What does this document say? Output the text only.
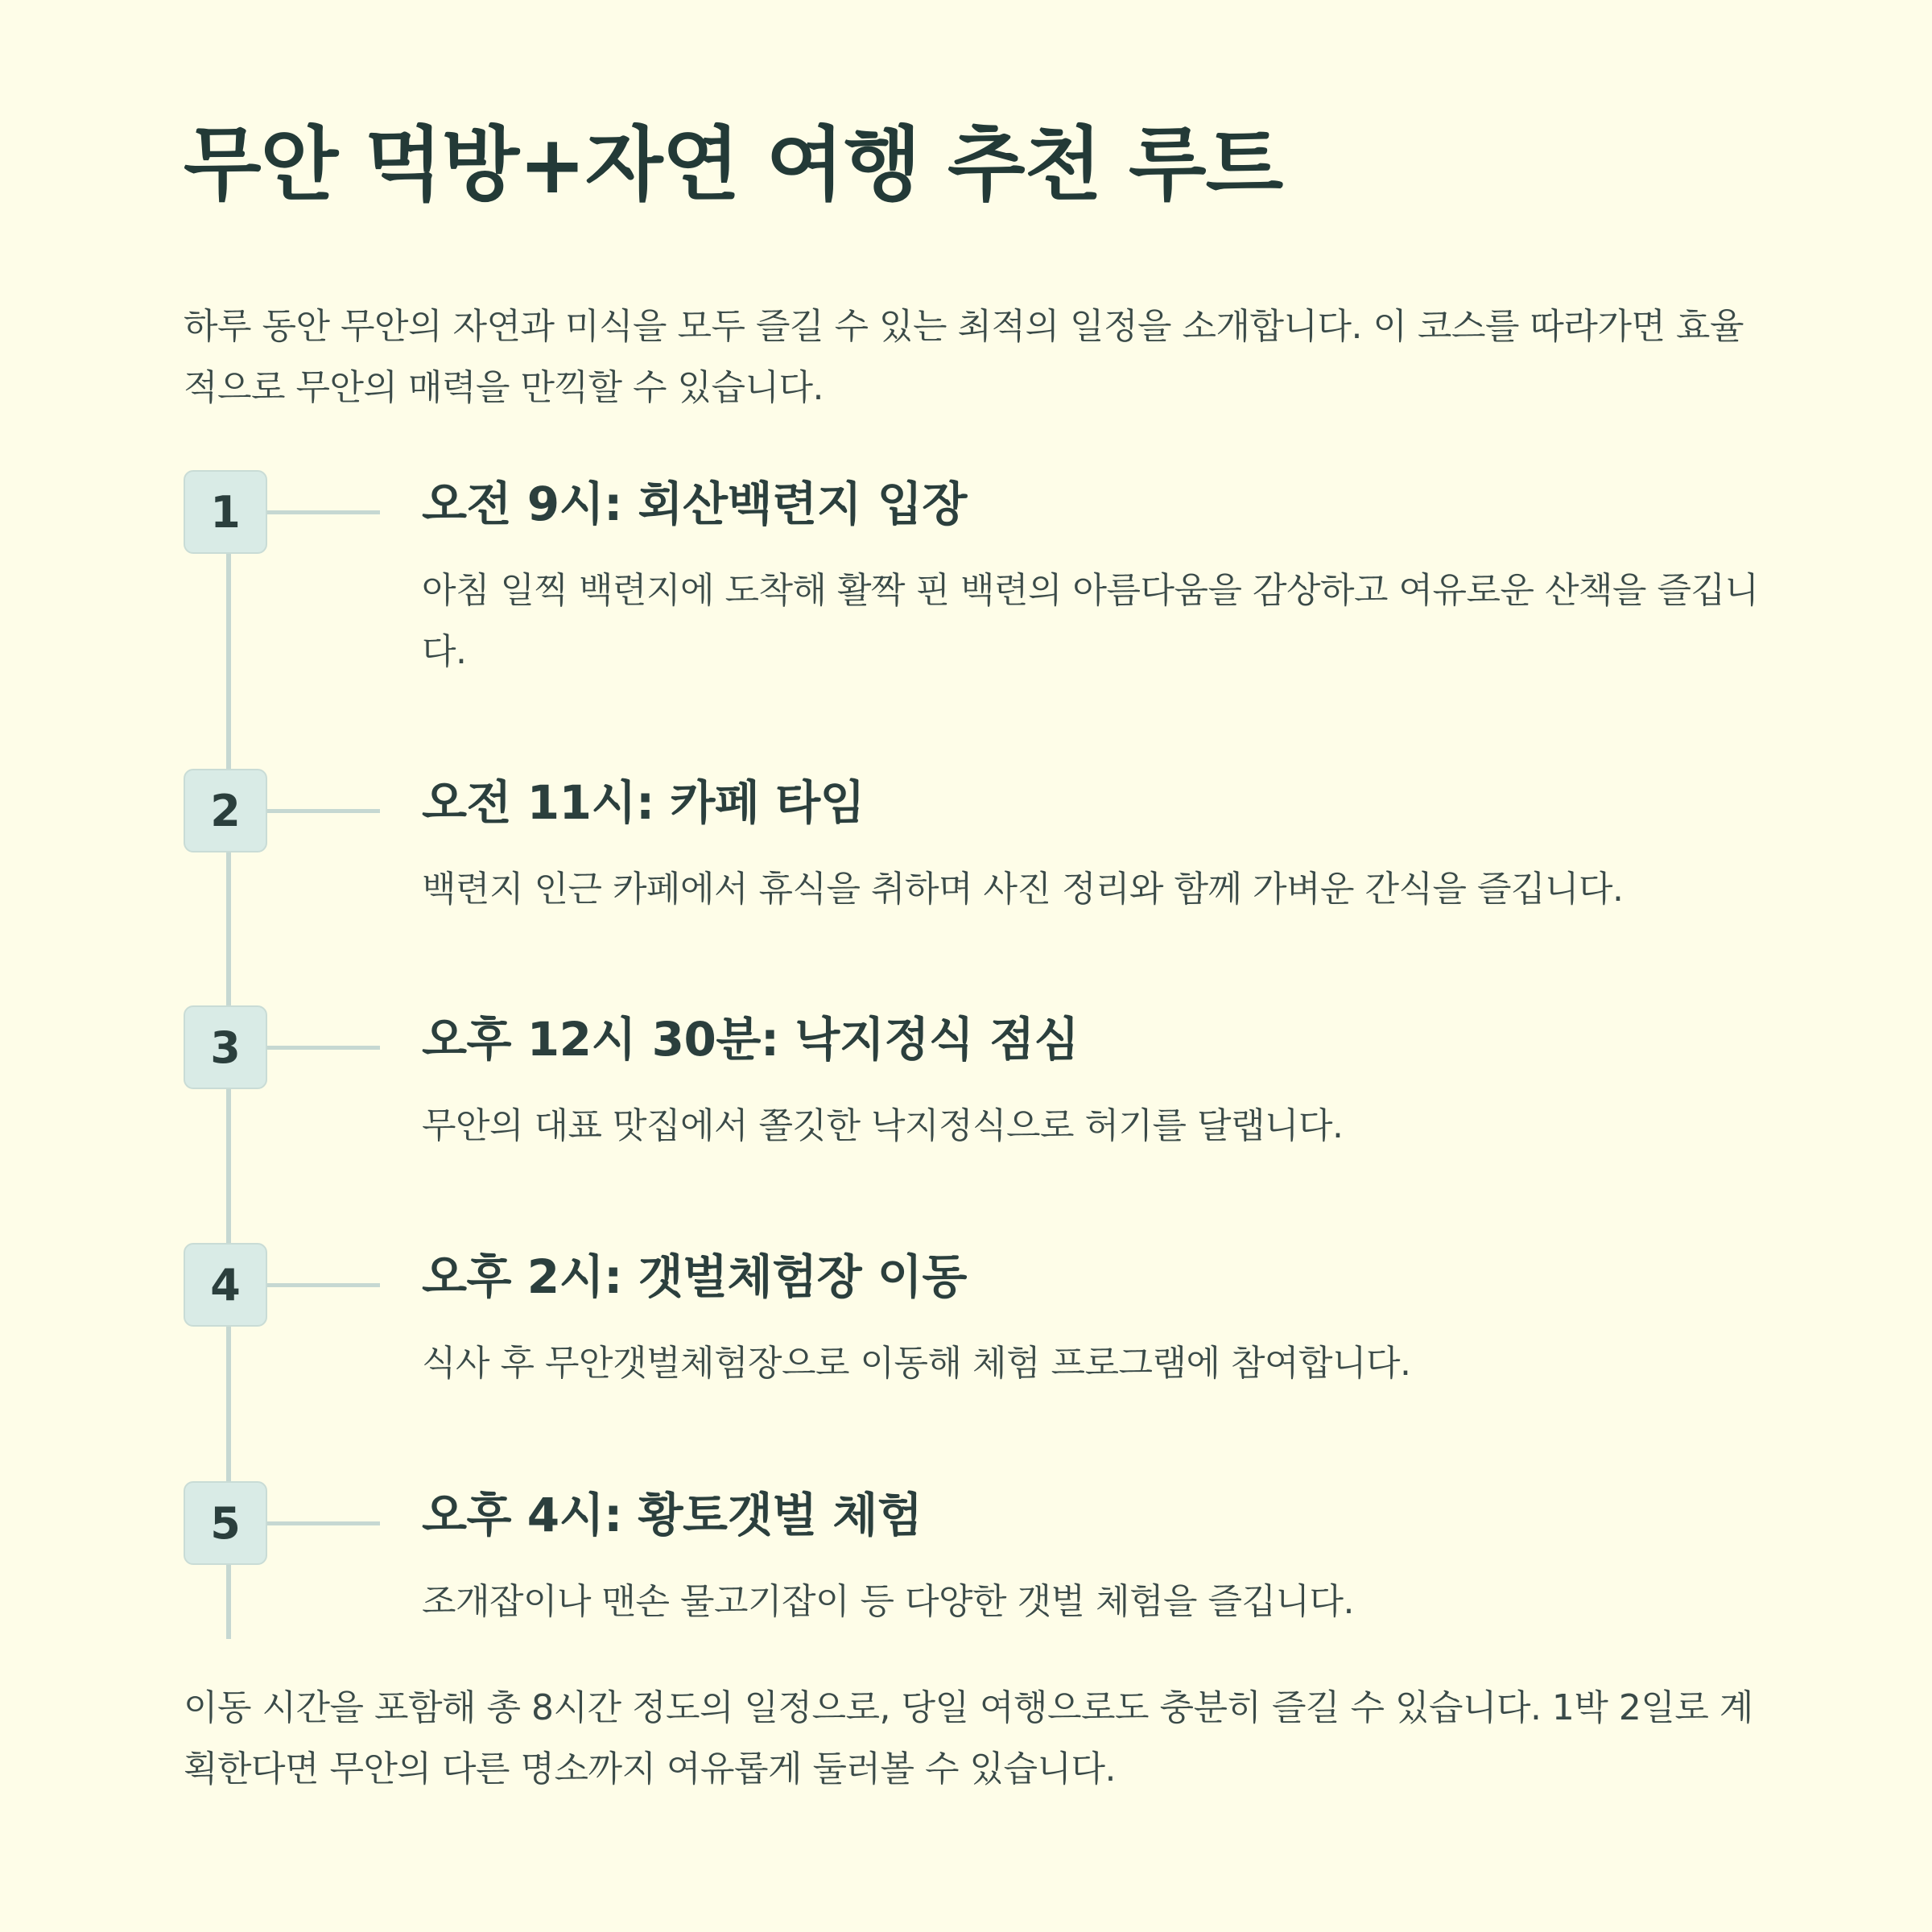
무안 먹방+자연 여행 추천 루트

하루 동안 무안의 자연과 미식을 모두 즐길 수 있는 최적의 일정을 소개합니다. 이 코스를 따라가면 효율적으로 무안의 매력을 만끽할 수 있습니다.

1	오전 9시: 회산백련지 입장

아침 일찍 백련지에 도착해 활짝 핀 백련의 아름다움을 감상하고 여유로운 산책을 즐깁니다.

2	오전 11시: 카페 타임

백련지 인근 카페에서 휴식을 취하며 사진 정리와 함께 가벼운 간식을 즐깁니다.

3	오후 12시 30분: 낙지정식 점심

무안의 대표 맛집에서 쫄깃한 낙지정식으로 허기를 달랩니다.

4	오후 2시: 갯벌체험장 이동

식사 후 무안갯벌체험장으로 이동해 체험 프로그램에 참여합니다.

5	오후 4시: 황토갯벌 체험

조개잡이나 맨손 물고기잡이 등 다양한 갯벌 체험을 즐깁니다.

이동 시간을 포함해 총 8시간 정도의 일정으로, 당일 여행으로도 충분히 즐길 수 있습니다. 1박 2일로 계획한다면 무안의 다른 명소까지 여유롭게 둘러볼 수 있습니다.
